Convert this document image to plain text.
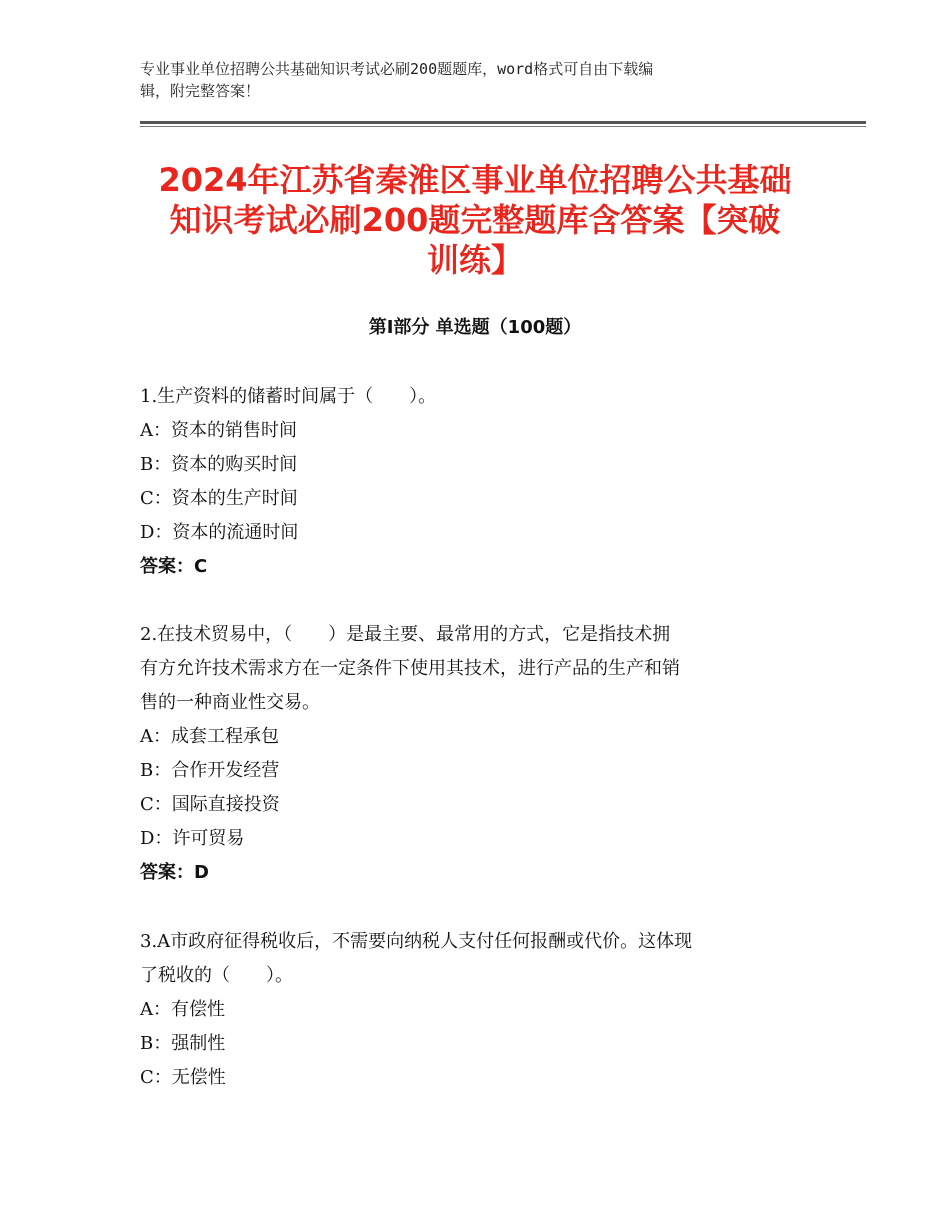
专业事业单位招聘公共基础知识考试必刷200题题库，word格式可自由下载编
辑，附完整答案！
2024年江苏省秦淮区事业单位招聘公共基础
知识考试必刷200题完整题库含答案【突破
训练】
第Ⅰ部分 单选题（100题）
1.生产资料的储蓄时间属于（　　）。
A：资本的销售时间
B：资本的购买时间
C：资本的生产时间
D：资本的流通时间
答案：C
2.在技术贸易中，（　　）是最主要、最常用的方式，它是指技术拥
有方允许技术需求方在一定条件下使用其技术，进行产品的生产和销
售的一种商业性交易。
A：成套工程承包
B：合作开发经营
C：国际直接投资
D：许可贸易
答案：D
3.A市政府征得税收后，不需要向纳税人支付任何报酬或代价。这体现
了税收的（　　）。
A：有偿性
B：强制性
C：无偿性
